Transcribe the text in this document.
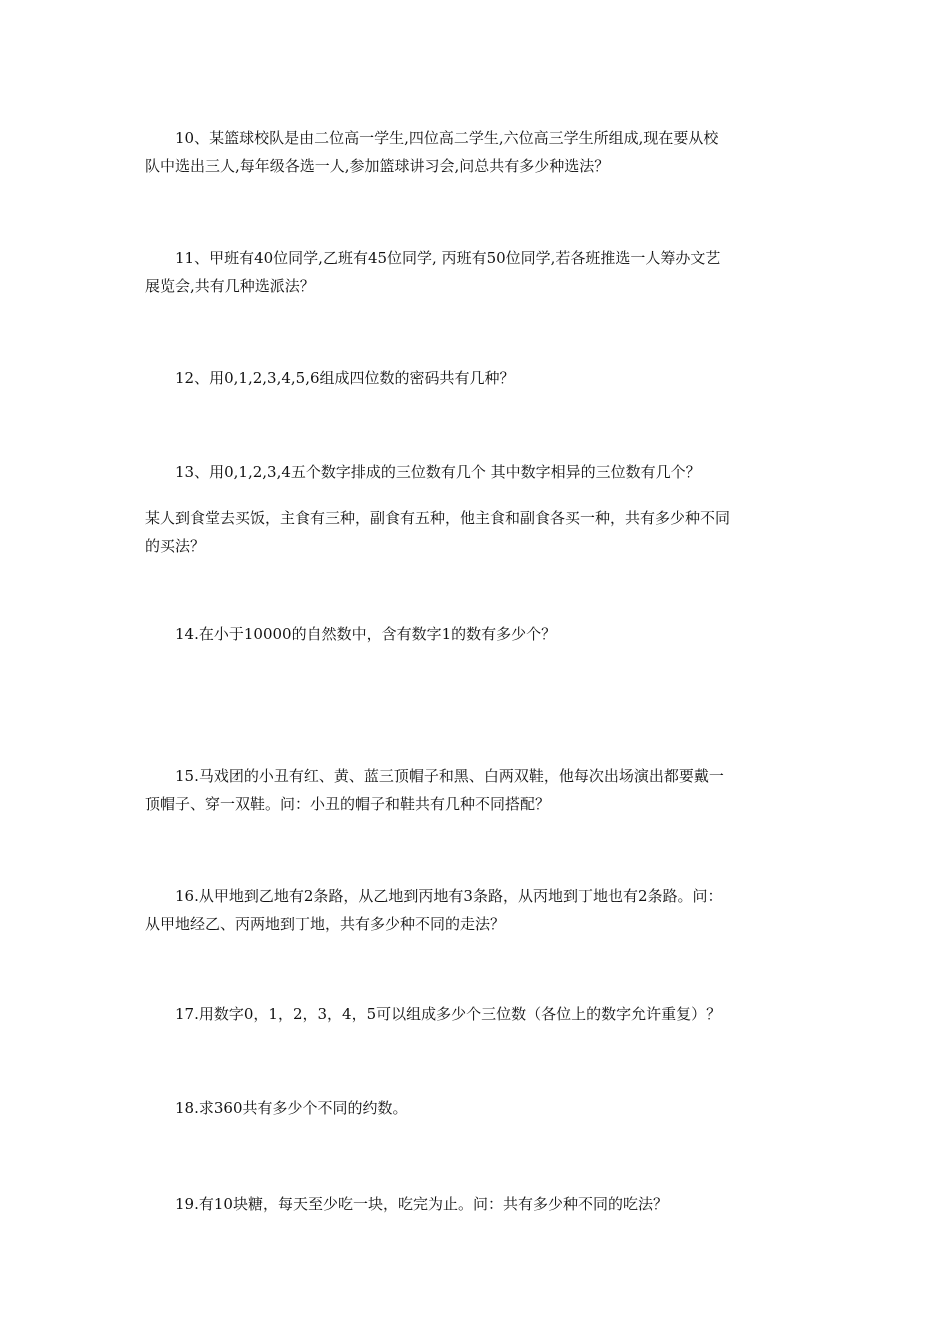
10、某篮球校队是由二位高一学生,四位高二学生,六位高三学生所组成,现在要从校
队中选出三人,每年级各选一人,参加篮球讲习会,问总共有多少种选法？

11、甲班有40位同学,乙班有45位同学, 丙班有50位同学,若各班推选一人筹办文艺
展览会,共有几种选派法？

12、用0,1,2,3,4,5,6组成四位数的密码共有几种？

13、用0,1,2,3,4五个数字排成的三位数有几个 其中数字相异的三位数有几个？

某人到食堂去买饭，主食有三种，副食有五种，他主食和副食各买一种，共有多少种不同
的买法？

14.在小于10000的自然数中，含有数字1的数有多少个？

15.马戏团的小丑有红、黄、蓝三顶帽子和黑、白两双鞋，他每次出场演出都要戴一
顶帽子、穿一双鞋。问：小丑的帽子和鞋共有几种不同搭配？

16.从甲地到乙地有2条路，从乙地到丙地有3条路，从丙地到丁地也有2条路。问：
从甲地经乙、丙两地到丁地，共有多少种不同的走法？

17.用数字0，1，2，3，4，5可以组成多少个三位数（各位上的数字允许重复）？

18.求360共有多少个不同的约数。

19.有10块糖，每天至少吃一块，吃完为止。问：共有多少种不同的吃法？
